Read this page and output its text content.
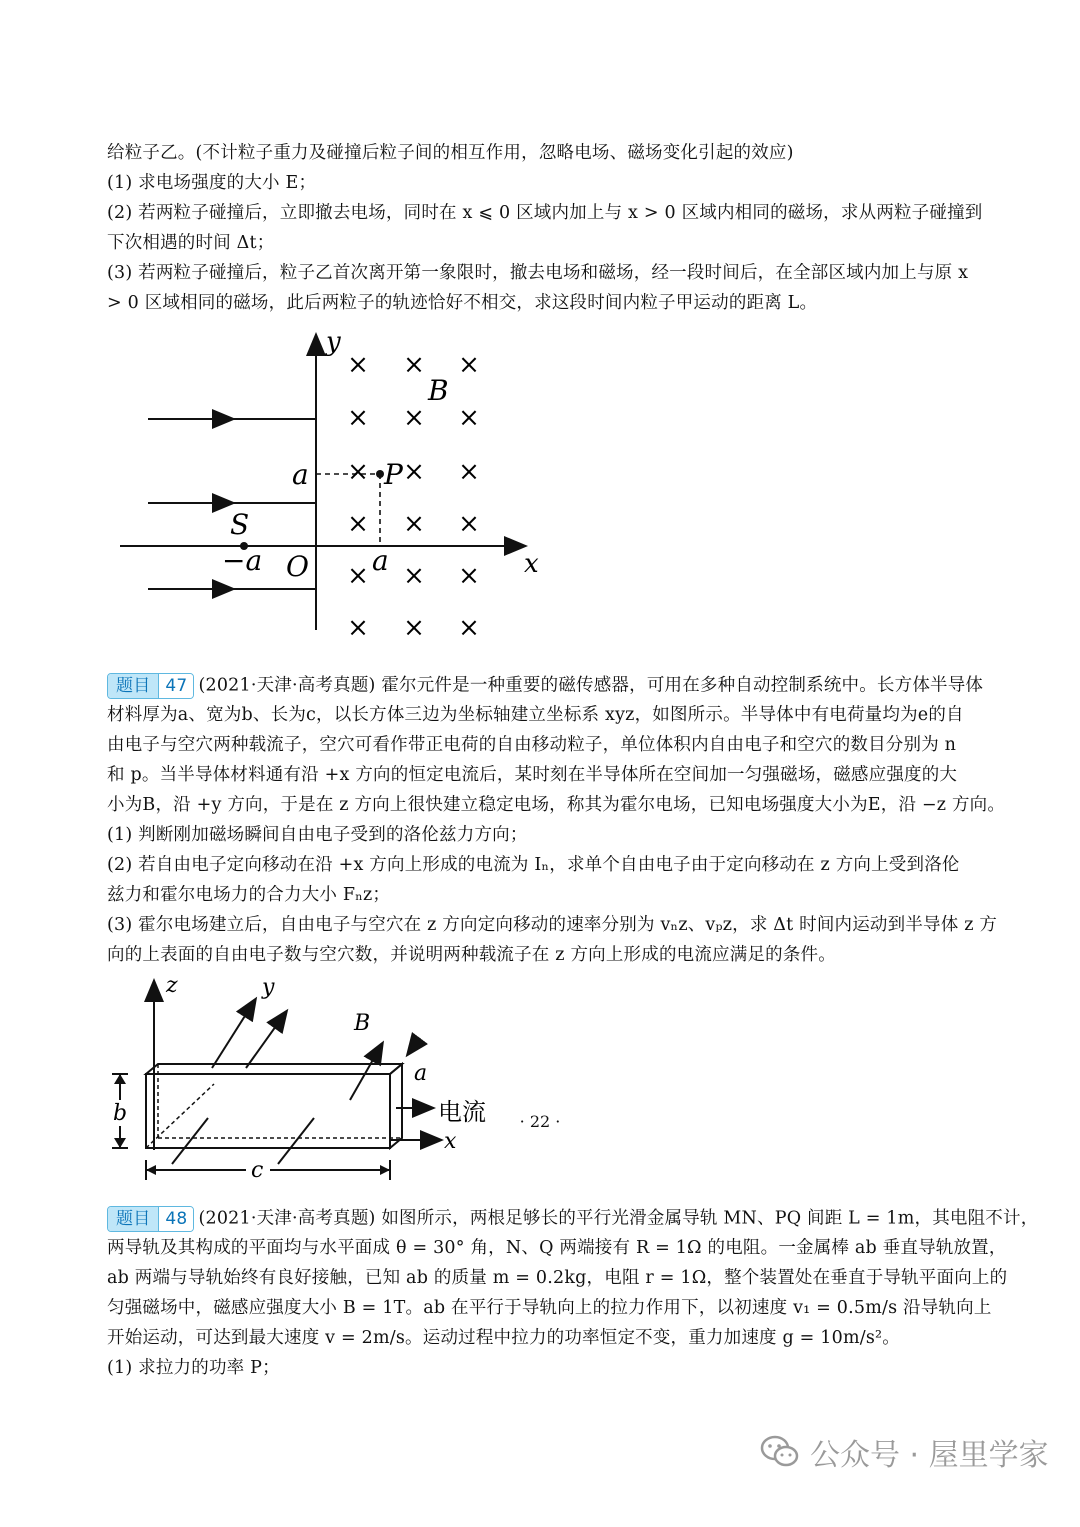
给粒子乙。(不计粒子重力及碰撞后粒子间的相互作用，忽略电场、磁场变化引起的效应)
(1) 求电场强度的大小 E；
(2) 若两粒子碰撞后，立即撤去电场，同时在 x ⩽ 0 区域内加上与 x > 0 区域内相同的磁场，求从两粒子碰撞到
下次相遇的时间 Δt；
(3) 若两粒子碰撞后，粒子乙首次离开第一象限时，撤去电场和磁场，经一段时间后，在全部区域内加上与原 x
> 0 区域相同的磁场，此后两粒子的轨迹恰好不相交，求这段时间内粒子甲运动的距离 L。
y
x
B
P
a
a
S
−a O
× × ×
× × ×
× × ×
× × ×
× × ×
× × ×
题目 47 (2021·天津·高考真题) 霍尔元件是一种重要的磁传感器，可用在多种自动控制系统中。长方体半导体
材料厚为a、宽为b、长为c，以长方体三边为坐标轴建立坐标系 xyz，如图所示。半导体中有电荷量均为e的自
由电子与空穴两种载流子，空穴可看作带正电荷的自由移动粒子，单位体积内自由电子和空穴的数目分别为 n
和 p。当半导体材料通有沿 +x 方向的恒定电流后，某时刻在半导体所在空间加一匀强磁场，磁感应强度的大
小为B，沿 +y 方向，于是在 z 方向上很快建立稳定电场，称其为霍尔电场，已知电场强度大小为E，沿 −z 方向。
(1) 判断刚加磁场瞬间自由电子受到的洛伦兹力方向；
(2) 若自由电子定向移动在沿 +x 方向上形成的电流为 Iₙ，求单个自由电子由于定向移动在 z 方向上受到洛伦
兹力和霍尔电场力的合力大小 Fₙz；
(3) 霍尔电场建立后，自由电子与空穴在 z 方向定向移动的速率分别为 vₙz、vₚz，求 Δt 时间内运动到半导体 z 方
向的上表面的自由电子数与空穴数，并说明两种载流子在 z 方向上形成的电流应满足的条件。
z	y
B
a
b
c
电流
x
题目 48 (2021·天津·高考真题) 如图所示，两根足够长的平行光滑金属导轨 MN、PQ 间距 L = 1m，其电阻不计，
两导轨及其构成的平面均与水平面成 θ = 30° 角，N、Q 两端接有 R = 1Ω 的电阻。一金属棒 ab 垂直导轨放置，
ab 两端与导轨始终有良好接触，已知 ab 的质量 m = 0.2kg，电阻 r = 1Ω，整个装置处在垂直于导轨平面向上的
匀强磁场中，磁感应强度大小 B = 1T。ab 在平行于导轨向上的拉力作用下，以初速度 v₁ = 0.5m/s 沿导轨向上
开始运动，可达到最大速度 v = 2m/s。运动过程中拉力的功率恒定不变，重力加速度 g = 10m/s²。
(1) 求拉力的功率 P；
· 22 ·
公众号 · 屋里学家
